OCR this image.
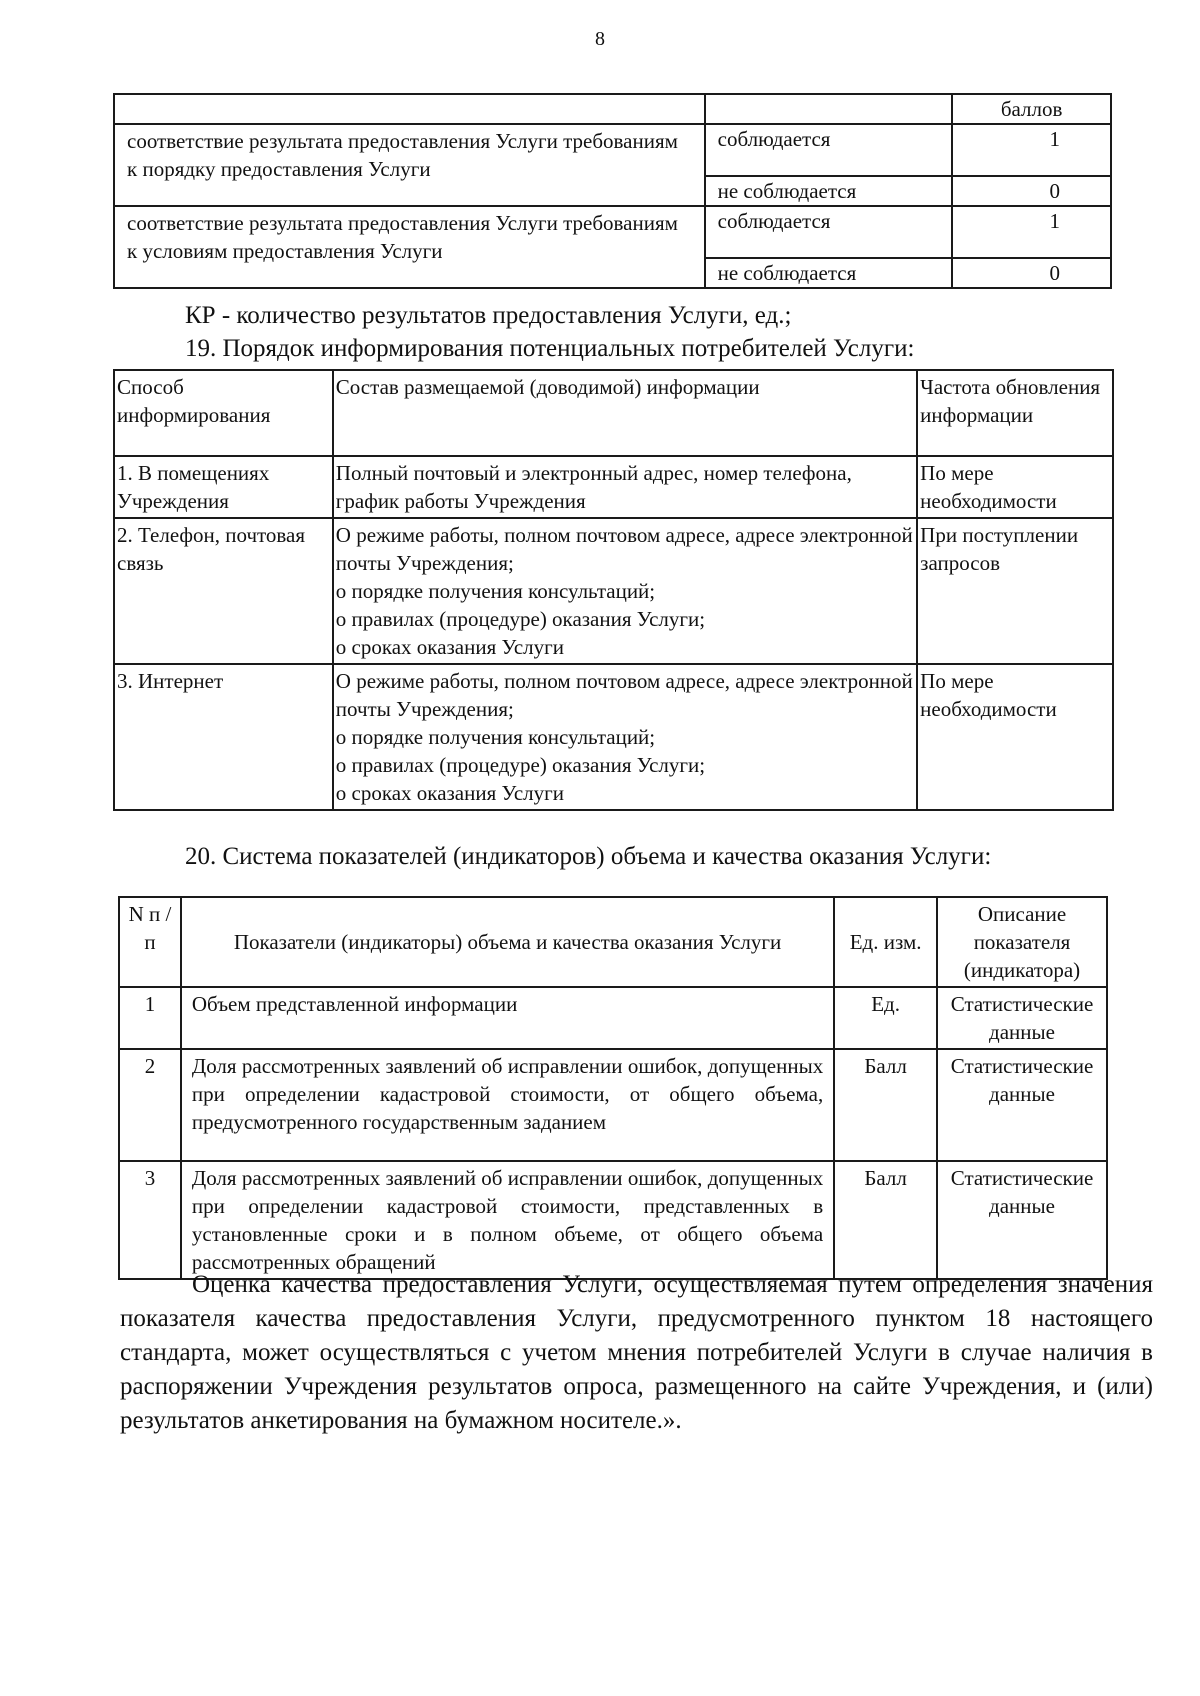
8
		баллов
соответствие результата предоставления Услуги требованиям к порядку предоставления Услуги	соблюдается	1
	не соблюдается	0
соответствие результата предоставления Услуги требованиям к условиям предоставления Услуги	соблюдается	1
	не соблюдается	0
КР - количество результатов предоставления Услуги, ед.;
19. Порядок информирования потенциальных потребителей Услуги:
Способ информирования	Состав размещаемой (доводимой) информации	Частота обновления информации
1. В помещениях Учреждения	Полный почтовый и электронный адрес, номер телефона, график работы Учреждения	По мере необходимости
2. Телефон, почтовая связь	О режиме работы, полном почтовом адресе, адресе электронной почты Учреждения;
о порядке получения консультаций;
о правилах (процедуре) оказания Услуги;
о сроках оказания Услуги	При поступлении запросов
3. Интернет	О режиме работы, полном почтовом адресе, адресе электронной почты Учреждения;
о порядке получения консультаций;
о правилах (процедуре) оказания Услуги;
о сроках оказания Услуги	По мере необходимости
20. Система показателей (индикаторов) объема и качества оказания Услуги:
N п /п	Показатели (индикаторы) объема и качества оказания Услуги	Ед. изм.	Описание показателя (индикатора)
1	Объем представленной информации	Ед.	Статистические данные
2	Доля рассмотренных заявлений об исправлении ошибок, допущенных при определении кадастровой стоимости, от общего объема, предусмотренного государственным заданием	Балл	Статистические данные
3	Доля рассмотренных заявлений об исправлении ошибок, допущенных при определении кадастровой стоимости, представленных в установленные сроки и в полном объеме, от общего объема рассмотренных обращений	Балл	Статистические данные
Оценка качества предоставления Услуги, осуществляемая путем определения значения показателя качества предоставления Услуги, предусмотренного пунктом 18 настоящего стандарта, может осуществляться с учетом мнения потребителей Услуги в случае наличия в распоряжении Учреждения результатов опроса, размещенного на сайте Учреждения, и (или) результатов анкетирования на бумажном носителе.».
